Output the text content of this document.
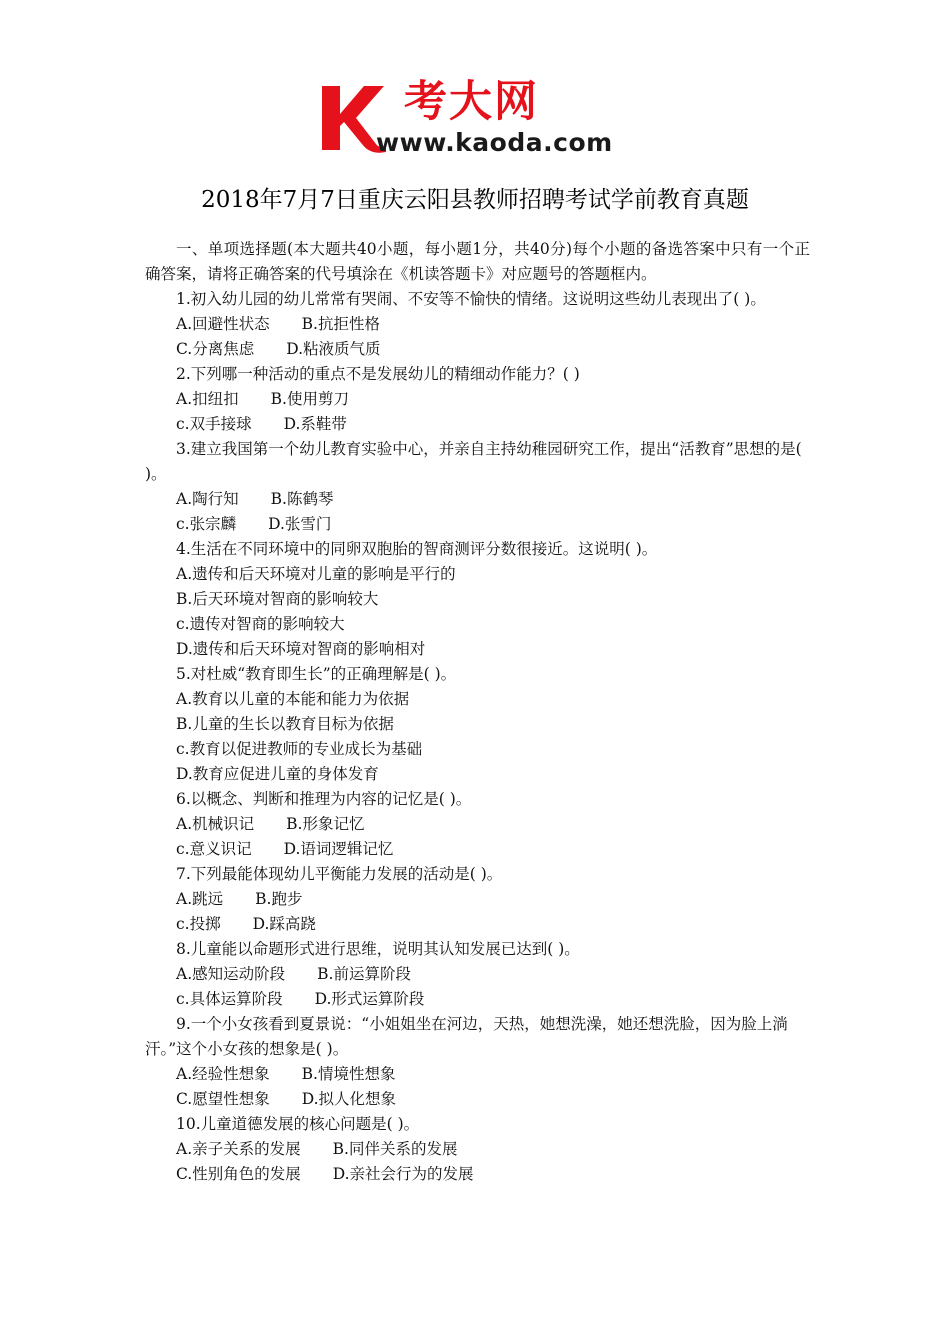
考大网
www.kaoda.com
2018年7月7日重庆云阳县教师招聘考试学前教育真题

一、单项选择题(本大题共40小题，每小题1分，共40分)每个小题的备选答案中只有一个正确答案，请将正确答案的代号填涂在《机读答题卡》对应题号的答题框内。

1.初入幼儿园的幼儿常常有哭闹、不安等不愉快的情绪。这说明这些幼儿表现出了( )。

A.回避性状态 B.抗拒性格

C.分离焦虑 D.粘液质气质

2.下列哪一种活动的重点不是发展幼儿的精细动作能力？( )

A.扣纽扣 B.使用剪刀

c.双手接球 D.系鞋带

3.建立我国第一个幼儿教育实验中心，并亲自主持幼稚园研究工作，提出“活教育”思想的是( )。

A.陶行知 B.陈鹤琴

c.张宗麟 D.张雪门

4.生活在不同环境中的同卵双胞胎的智商测评分数很接近。这说明( )。

A.遗传和后天环境对儿童的影响是平行的

B.后天环境对智商的影响较大

c.遗传对智商的影响较大

D.遗传和后天环境对智商的影响相对

5.对杜威“教育即生长”的正确理解是( )。

A.教育以儿童的本能和能力为依据

B.儿童的生长以教育目标为依据

c.教育以促进教师的专业成长为基础

D.教育应促进儿童的身体发育

6.以概念、判断和推理为内容的记忆是( )。

A.机械识记 B.形象记忆

c.意义识记 D.语词逻辑记忆

7.下列最能体现幼儿平衡能力发展的活动是( )。

A.跳远 B.跑步

c.投掷 D.踩高跷

8.儿童能以命题形式进行思维，说明其认知发展已达到( )。

A.感知运动阶段 B.前运算阶段

c.具体运算阶段 D.形式运算阶段

9.一个小女孩看到夏景说：“小姐姐坐在河边，天热，她想洗澡，她还想洗脸，因为脸上淌汗。”这个小女孩的想象是( )。

A.经验性想象 B.情境性想象

C.愿望性想象 D.拟人化想象

10.儿童道德发展的核心问题是( )。

A.亲子关系的发展 B.同伴关系的发展

C.性别角色的发展 D.亲社会行为的发展
